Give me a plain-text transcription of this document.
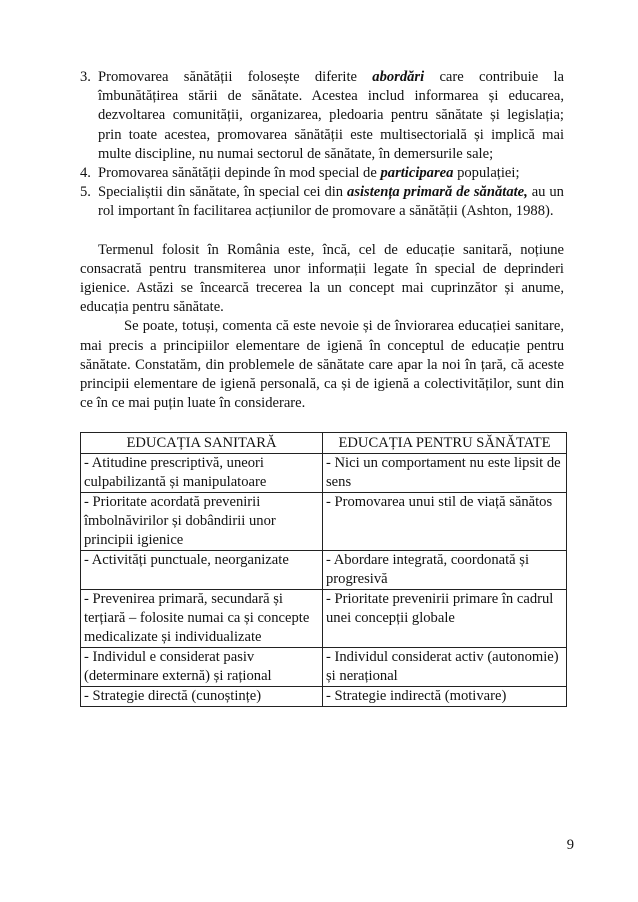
3. Promovarea sănătății folosește diferite abordări care contribuie la îmbunătățirea stării de sănătate. Acestea includ informarea și educarea, dezvoltarea comunității, organizarea, pledoaria pentru sănătate și legislația; prin toate acestea, promovarea sănătății este multisectorială și implică mai multe discipline, nu numai sectorul de sănătate, în demersurile sale;
4. Promovarea sănătății depinde în mod special de participarea populației;
5. Specialiștii din sănătate, în special cei din asistența primară de sănătate, au un rol important în facilitarea acțiunilor de promovare a sănătății (Ashton, 1988).

Termenul folosit în România este, încă, cel de educație sanitară, noțiune consacrată pentru transmiterea unor informații legate în special de deprinderi igienice. Astăzi se încearcă trecerea la un concept mai cuprinzător și anume, educația pentru sănătate.

Se poate, totuși, comenta că este nevoie și de înviorarea educației sanitare, mai precis a principiilor elementare de igienă în conceptul de educație pentru sănătate. Constatăm, din problemele de sănătate care apar la noi în țară, că aceste principii elementare de igienă personală, ca și de igienă a colectivităților, sunt din ce în ce mai puțin luate în considerare.

EDUCAȚIA SANITARĂ	EDUCAȚIA PENTRU SĂNĂTATE
- Atitudine prescriptivă, uneori culpabilizantă și manipulatoare	- Nici un comportament nu este lipsit de sens
- Prioritate acordată prevenirii îmbolnăvirilor și dobândirii unor principii igienice	- Promovarea unui stil de viață sănătos
- Activități punctuale, neorganizate	- Abordare integrată, coordonată și progresivă
- Prevenirea primară, secundară și terțiară – folosite numai ca și concepte medicalizate și individualizate	- Prioritate prevenirii primare în cadrul unei concepții globale
- Individul e considerat pasiv (determinare externă) și rațional	- Individul considerat activ (autonomie) și nerațional
- Strategie directă (cunoștințe)	- Strategie indirectă (motivare)
9
